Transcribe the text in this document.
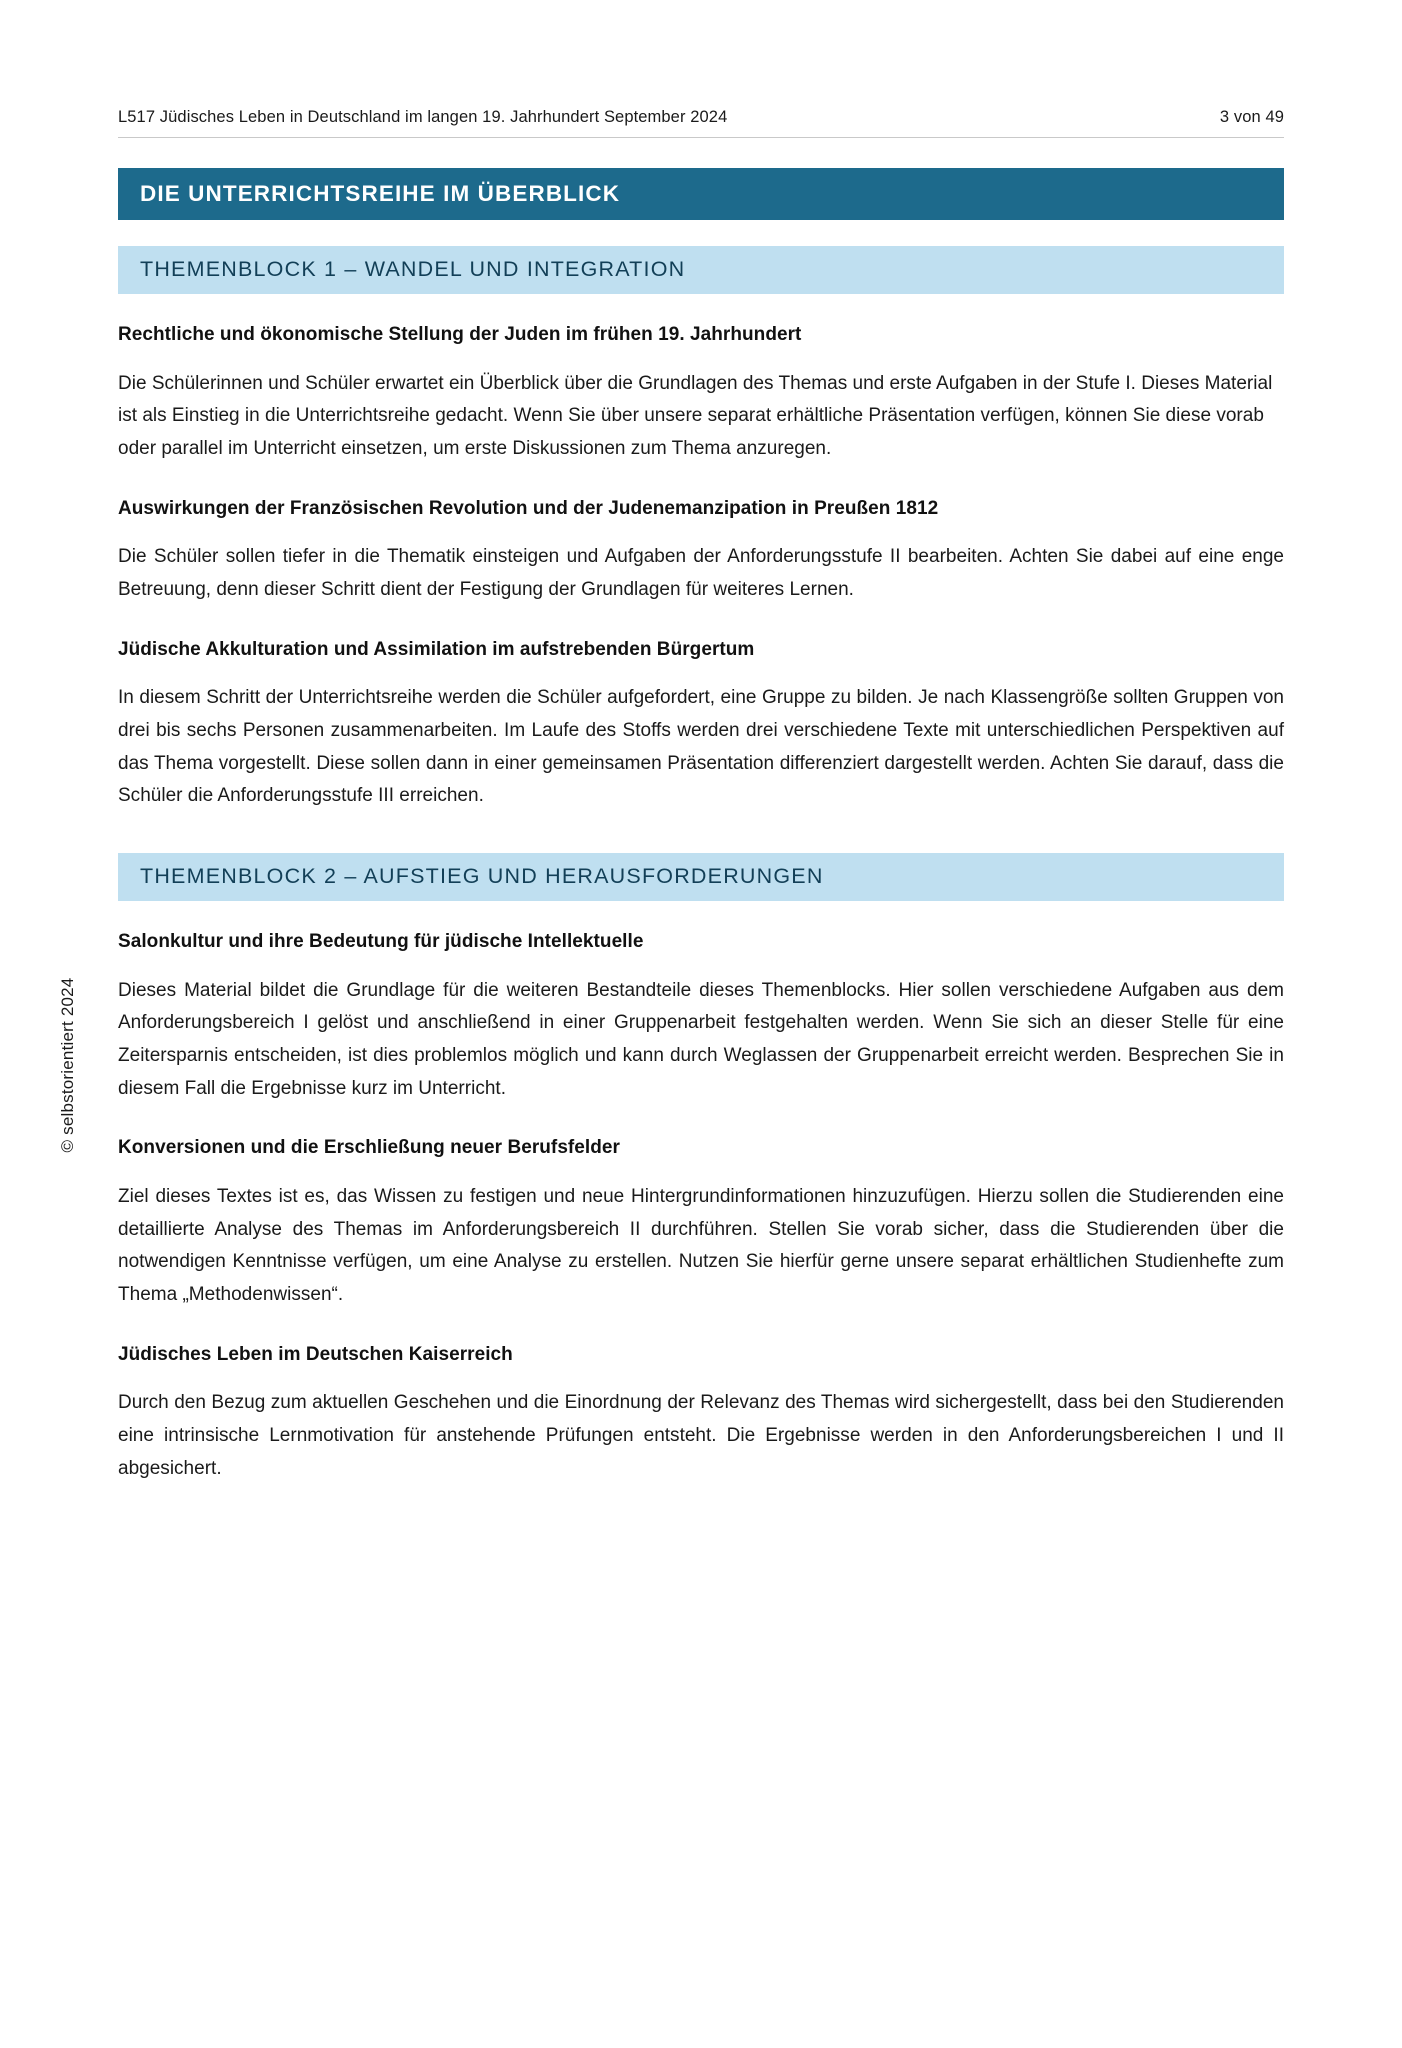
L517 Jüdisches Leben in Deutschland im langen 19. Jahrhundert September 2024	3 von 49
© selbstorientiert 2024
DIE UNTERRICHTSREIHE IM ÜBERBLICK
THEMENBLOCK 1 – WANDEL UND INTEGRATION
Rechtliche und ökonomische Stellung der Juden im frühen 19. Jahrhundert

Die Schülerinnen und Schüler erwartet ein Überblick über die Grundlagen des Themas und erste Aufgaben in der Stufe I. Dieses Material ist als Einstieg in die Unterrichtsreihe gedacht. Wenn Sie über unsere separat erhältliche Präsentation verfügen, können Sie diese vorab oder parallel im Unterricht einsetzen, um erste Diskussionen zum Thema anzuregen.

Auswirkungen der Französischen Revolution und der Judenemanzipation in Preußen 1812

Die Schüler sollen tiefer in die Thematik einsteigen und Aufgaben der Anforderungsstufe II bearbeiten. Achten Sie dabei auf eine enge Betreuung, denn dieser Schritt dient der Festigung der Grundlagen für weiteres Lernen.

Jüdische Akkulturation und Assimilation im aufstrebenden Bürgertum

In diesem Schritt der Unterrichtsreihe werden die Schüler aufgefordert, eine Gruppe zu bilden. Je nach Klassengröße sollten Gruppen von drei bis sechs Personen zusammenarbeiten. Im Laufe des Stoffs werden drei verschiedene Texte mit unterschiedlichen Perspektiven auf das Thema vorgestellt. Diese sollen dann in einer gemeinsamen Präsentation differenziert dargestellt werden. Achten Sie darauf, dass die Schüler die Anforderungsstufe III erreichen.

THEMENBLOCK 2 – AUFSTIEG UND HERAUSFORDERUNGEN
Salonkultur und ihre Bedeutung für jüdische Intellektuelle

Dieses Material bildet die Grundlage für die weiteren Bestandteile dieses Themenblocks. Hier sollen verschiedene Aufgaben aus dem Anforderungsbereich I gelöst und anschließend in einer Gruppenarbeit festgehalten werden. Wenn Sie sich an dieser Stelle für eine Zeitersparnis entscheiden, ist dies problemlos möglich und kann durch Weglassen der Gruppenarbeit erreicht werden. Besprechen Sie in diesem Fall die Ergebnisse kurz im Unterricht.

Konversionen und die Erschließung neuer Berufsfelder

Ziel dieses Textes ist es, das Wissen zu festigen und neue Hintergrundinformationen hinzuzufügen. Hierzu sollen die Studierenden eine detaillierte Analyse des Themas im Anforderungsbereich II durchführen. Stellen Sie vorab sicher, dass die Studierenden über die notwendigen Kenntnisse verfügen, um eine Analyse zu erstellen. Nutzen Sie hierfür gerne unsere separat erhältlichen Studienhefte zum Thema „Methodenwissen“.

Jüdisches Leben im Deutschen Kaiserreich

Durch den Bezug zum aktuellen Geschehen und die Einordnung der Relevanz des Themas wird sichergestellt, dass bei den Studierenden eine intrinsische Lernmotivation für anstehende Prüfungen entsteht. Die Ergebnisse werden in den Anforderungsbereichen I und II abgesichert.
